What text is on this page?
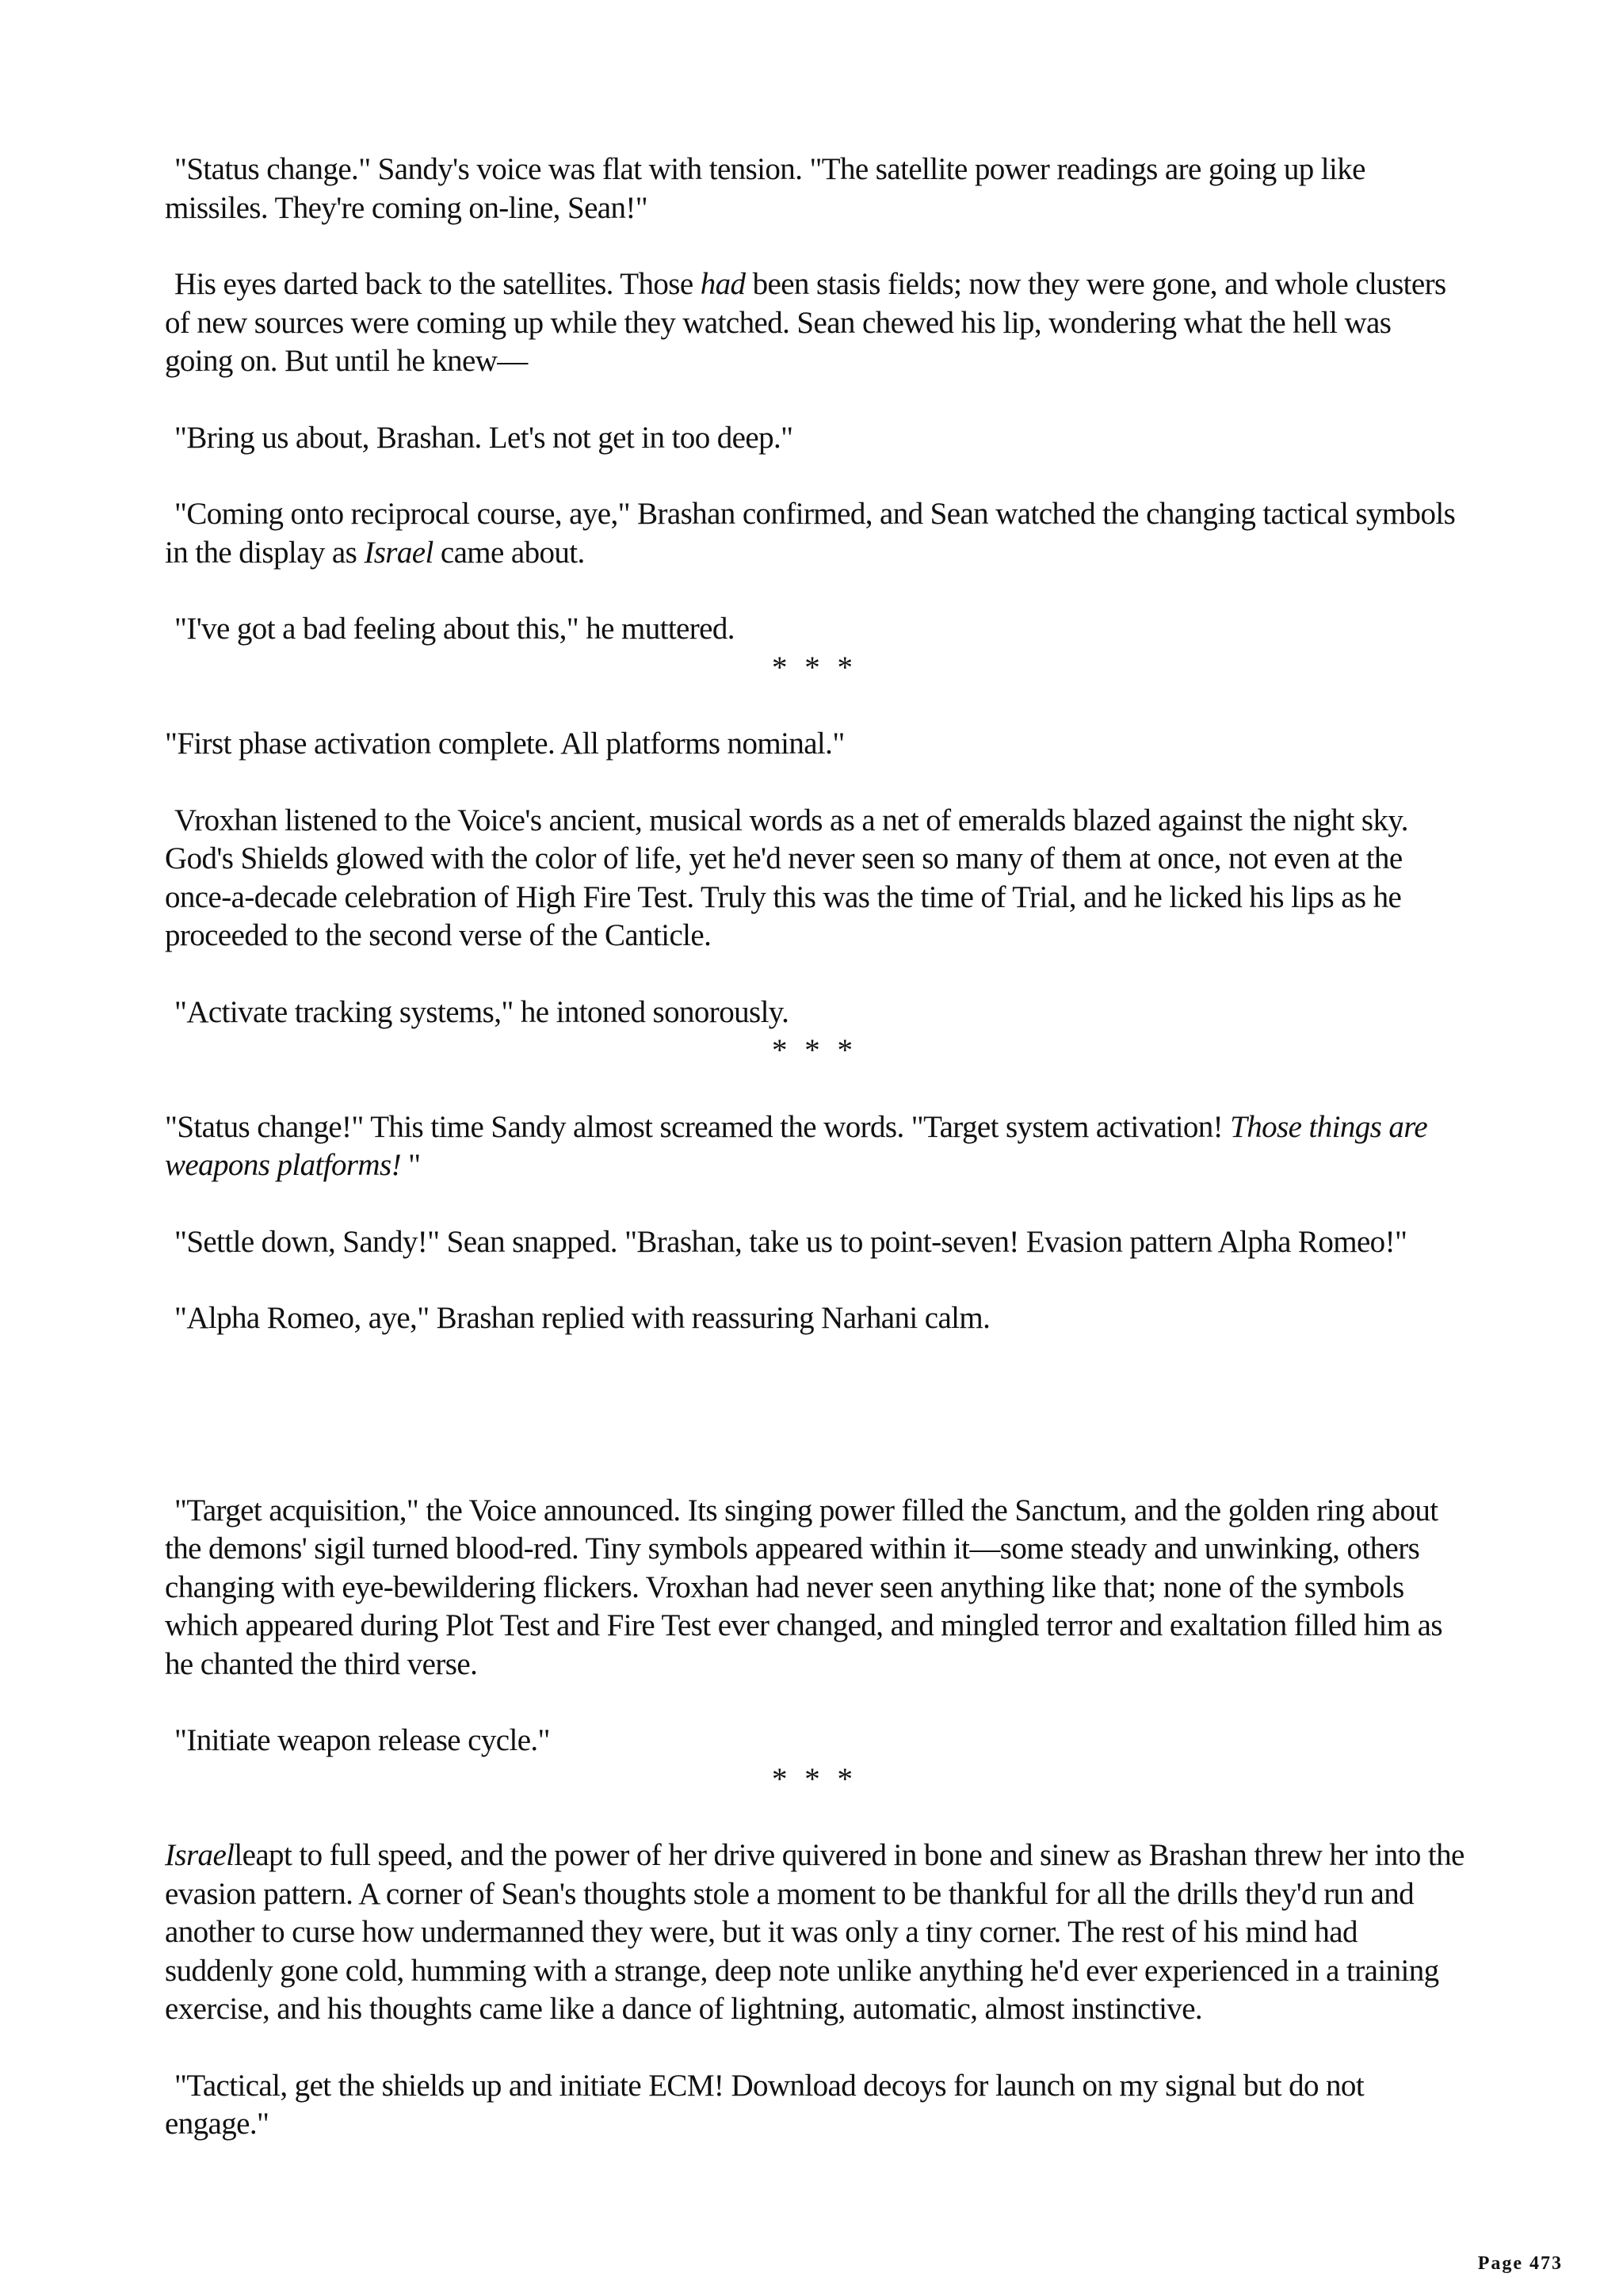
"Status change." Sandy's voice was flat with tension. "The satellite power readings are going up like missiles. They're coming on-line, Sean!"

His eyes darted back to the satellites. Those had been stasis fields; now they were gone, and whole clusters of new sources were coming up while they watched. Sean chewed his lip, wondering what the hell was going on. But until he knew—

"Bring us about, Brashan. Let's not get in too deep."

"Coming onto reciprocal course, aye," Brashan confirmed, and Sean watched the changing tactical symbols in the display as Israel came about.

"I've got a bad feeling about this," he muttered.

* * *

"First phase activation complete. All platforms nominal."

Vroxhan listened to the Voice's ancient, musical words as a net of emeralds blazed against the night sky. God's Shields glowed with the color of life, yet he'd never seen so many of them at once, not even at the once-a-decade celebration of High Fire Test. Truly this was the time of Trial, and he licked his lips as he proceeded to the second verse of the Canticle.

"Activate tracking systems," he intoned sonorously.

* * *

"Status change!" This time Sandy almost screamed the words. "Target system activation! Those things are weapons platforms! "

"Settle down, Sandy!" Sean snapped. "Brashan, take us to point-seven! Evasion pattern Alpha Romeo!"

"Alpha Romeo, aye," Brashan replied with reassuring Narhani calm.

"Target acquisition," the Voice announced. Its singing power filled the Sanctum, and the golden ring about the demons' sigil turned blood-red. Tiny symbols appeared within it—some steady and unwinking, others changing with eye-bewildering flickers. Vroxhan had never seen anything like that; none of the symbols which appeared during Plot Test and Fire Test ever changed, and mingled terror and exaltation filled him as he chanted the third verse.

"Initiate weapon release cycle."

* * *

Israelleapt to full speed, and the power of her drive quivered in bone and sinew as Brashan threw her into the evasion pattern. A corner of Sean's thoughts stole a moment to be thankful for all the drills they'd run and another to curse how undermanned they were, but it was only a tiny corner. The rest of his mind had suddenly gone cold, humming with a strange, deep note unlike anything he'd ever experienced in a training exercise, and his thoughts came like a dance of lightning, automatic, almost instinctive.

"Tactical, get the shields up and initiate ECM! Download decoys for launch on my signal but do not engage."

Page 473
